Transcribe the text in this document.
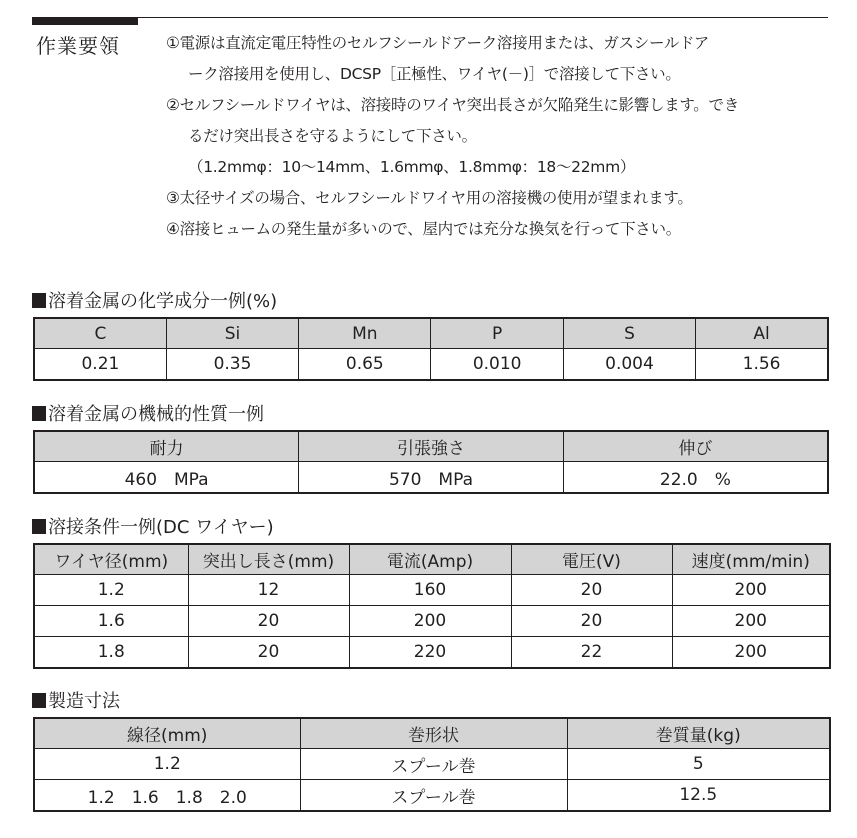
作業要領	①電源は直流定電圧特性のセルフシールドアーク溶接用または、ガスシールドア
ーク溶接用を使用し、DCSP［正極性、ワイヤ(－)］で溶接して下さい。
②セルフシールドワイヤは、溶接時のワイヤ突出長さが欠陥発生に影響します。でき
るだけ突出長さを守るようにして下さい。
（1.2mmφ：10～14mm、1.6mmφ、1.8mmφ：18～22mm）
③太径サイズの場合、セルフシールドワイヤ用の溶接機の使用が望まれます。
④溶接ヒュームの発生量が多いので、屋内では充分な換気を行って下さい。
溶着金属の化学成分一例(%)
C	Si	Mn	P	S	Al
0.21	0.35	0.65	0.010	0.004	1.56
溶着金属の機械的性質一例
耐力	引張強さ	伸び
460　MPa	570　MPa	22.0　%
溶接条件一例(DC ワイヤー)
ワイヤ径(mm)	突出し長さ(mm)	電流(Amp)	電圧(V)	速度(mm/min)
1.2	12	160	20	200
1.6	20	200	20	200
1.8	20	220	22	200
製造寸法
線径(mm)	巻形状	巻質量(kg)
1.2	スプール巻	5
1.2　1.6　1.8　2.0	スプール巻	12.5
